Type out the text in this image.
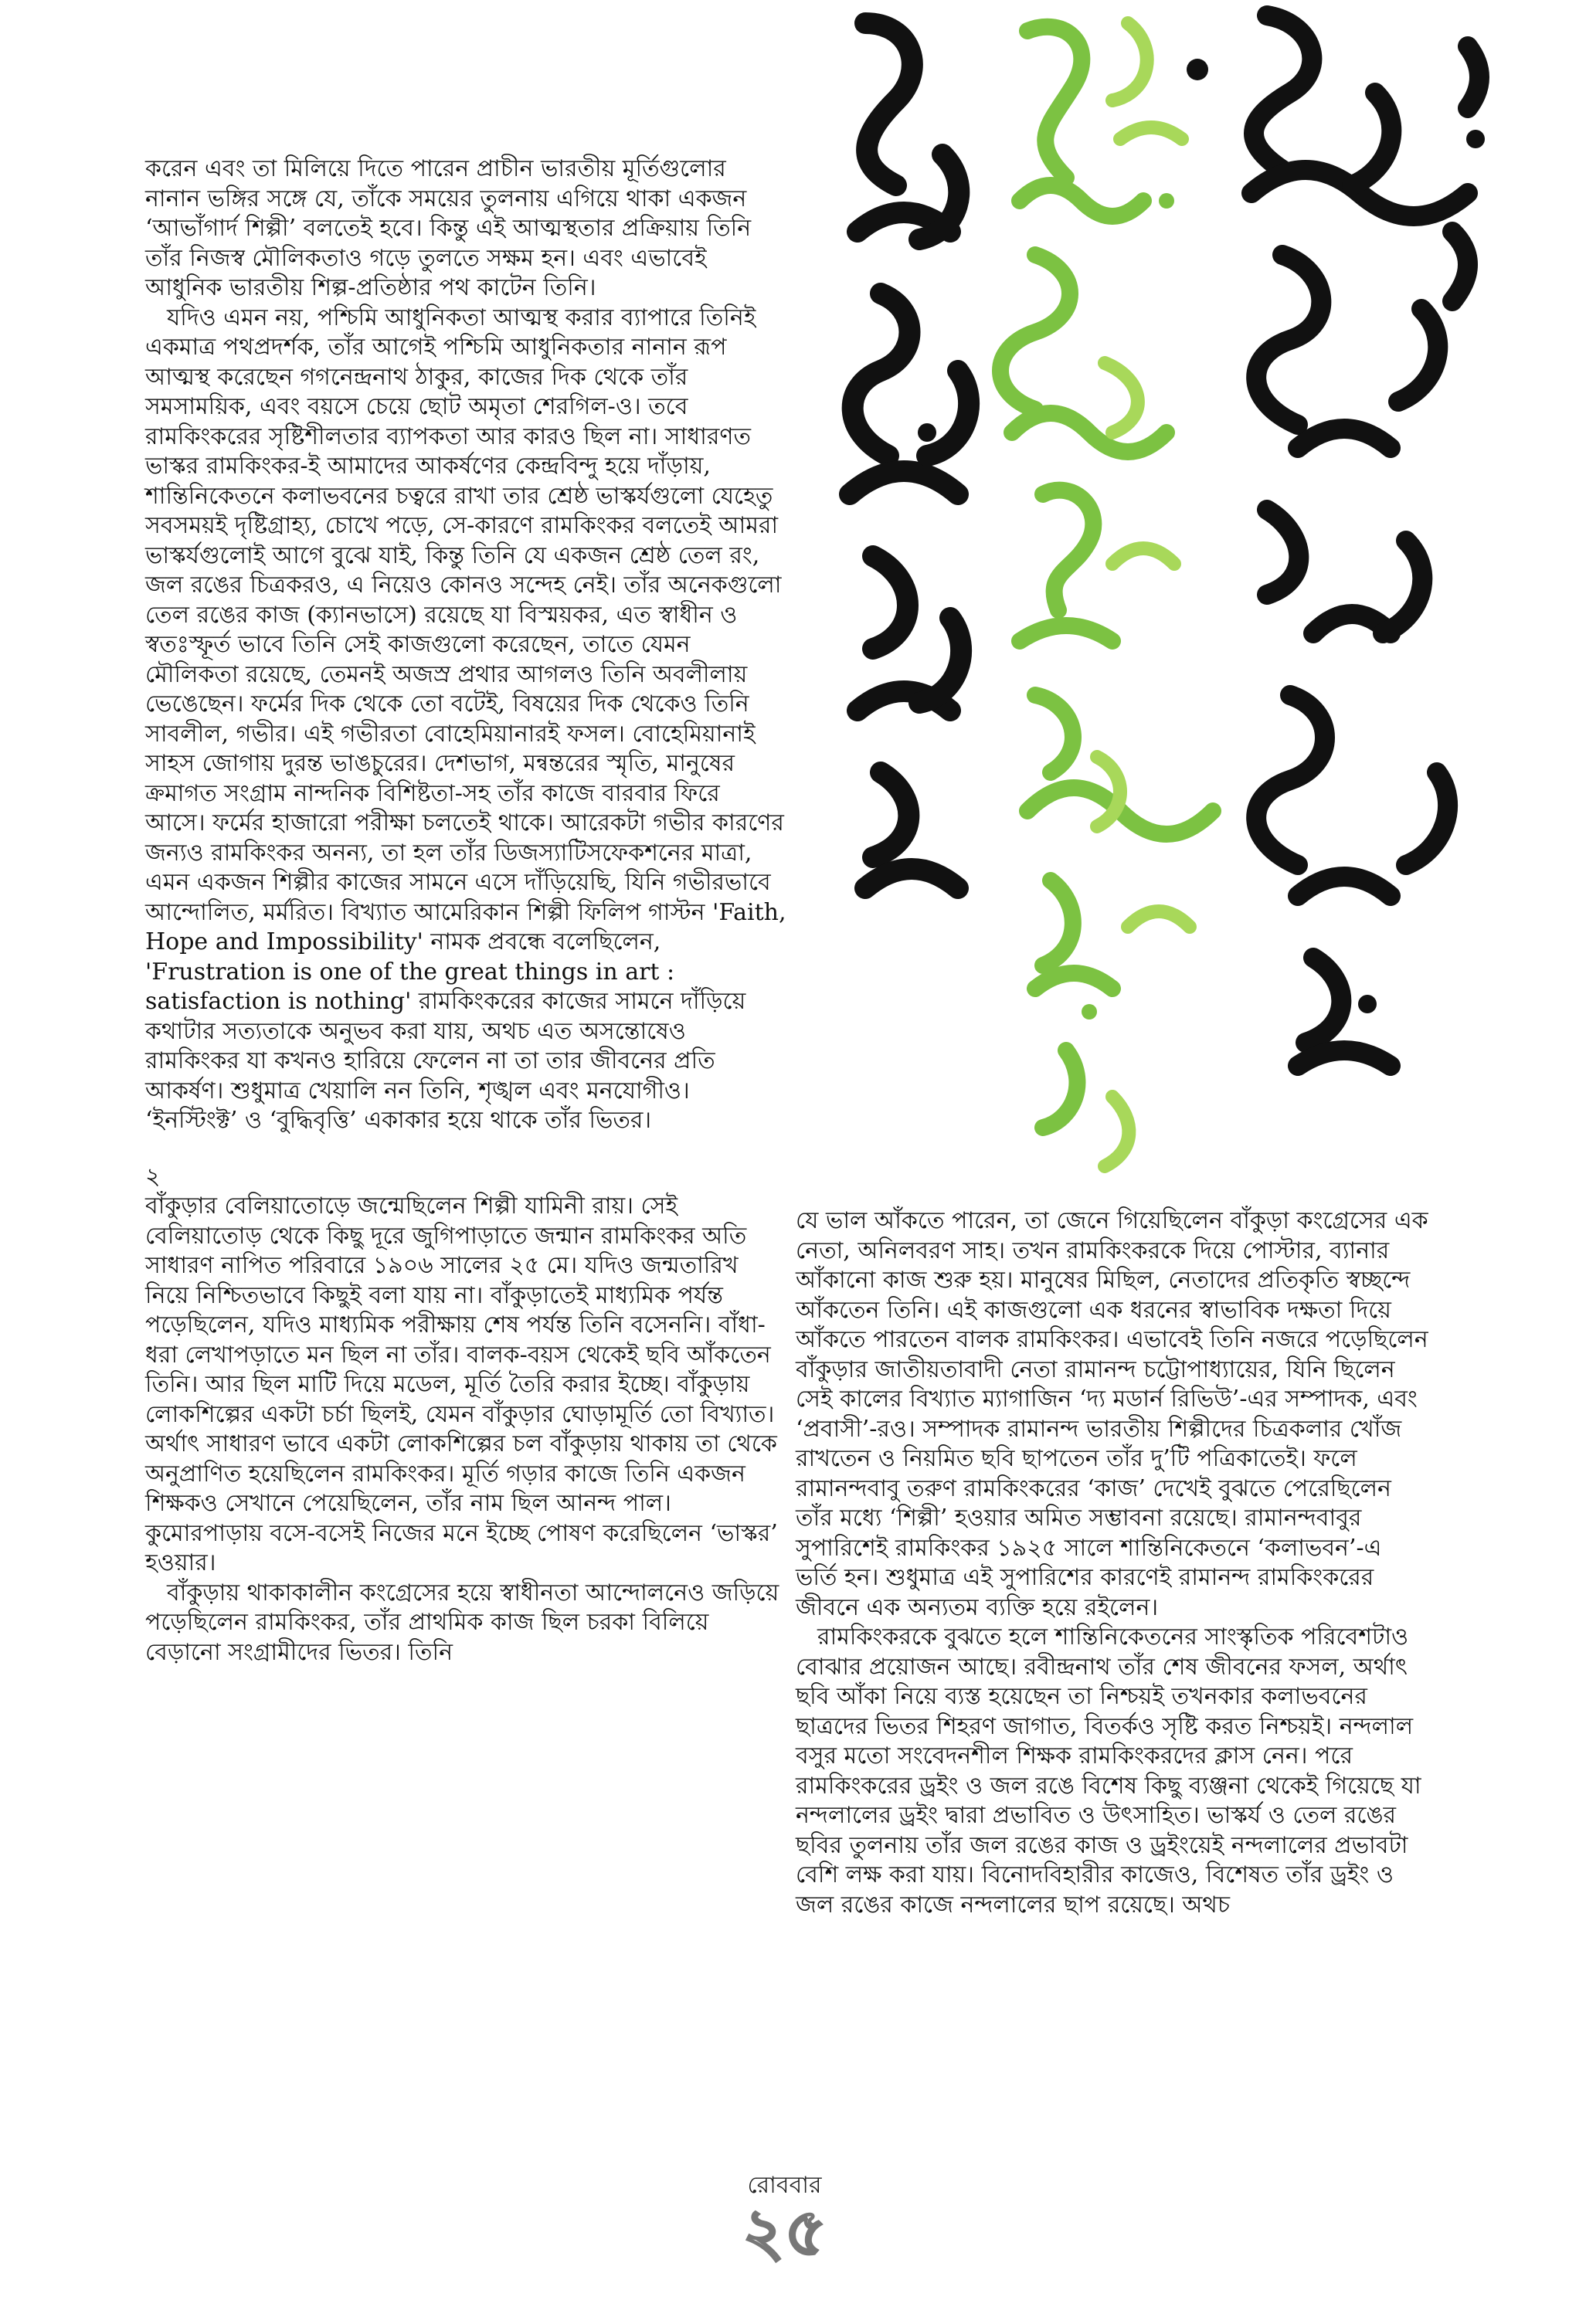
করেন এবং তা মিলিয়ে দিতে পারেন প্রাচীন ভারতীয় মূর্তিগুলোর নানান ভঙ্গির সঙ্গে যে, তাঁকে সময়ের তুলনায় এগিয়ে থাকা একজন ‘আভাঁগার্দ শিল্পী’ বলতেই হবে। কিন্তু এই আত্মস্থতার প্রক্রিয়ায় তিনি তাঁর নিজস্ব মৌলিকতাও গড়ে তুলতে সক্ষম হন। এবং এভাবেই আধুনিক ভারতীয় শিল্প-প্রতিষ্ঠার পথ কাটেন তিনি।

যদিও এমন নয়, পশ্চিমি আধুনিকতা আত্মস্থ করার ব্যাপারে তিনিই একমাত্র পথপ্রদর্শক, তাঁর আগেই পশ্চিমি আধুনিকতার নানান রূপ আত্মস্থ করেছেন গগনেন্দ্রনাথ ঠাকুর, কাজের দিক থেকে তাঁর সমসাময়িক, এবং বয়সে চেয়ে ছোট অমৃতা শেরগিল-ও। তবে রামকিংকরের সৃষ্টিশীলতার ব্যাপকতা আর কারও ছিল না। সাধারণত ভাস্কর রামকিংকর-ই আমাদের আকর্ষণের কেন্দ্রবিন্দু হয়ে দাঁড়ায়, শান্তিনিকেতনে কলাভবনের চত্বরে রাখা তার শ্রেষ্ঠ ভাস্কর্যগুলো যেহেতু সবসময়ই দৃষ্টিগ্রাহ্য, চোখে পড়ে, সে-কারণে রামকিংকর বলতেই আমরা ভাস্কর্যগুলোই আগে বুঝে যাই, কিন্তু তিনি যে একজন শ্রেষ্ঠ তেল রং, জল রঙের চিত্রকরও, এ নিয়েও কোনও সন্দেহ নেই। তাঁর অনেকগুলো তেল রঙের কাজ (ক্যানভাসে) রয়েছে যা বিস্ময়কর, এত স্বাধীন ও স্বতঃস্ফূর্ত ভাবে তিনি সেই কাজগুলো করেছেন, তাতে যেমন মৌলিকতা রয়েছে, তেমনই অজস্র প্রথার আগলও তিনি অবলীলায় ভেঙেছেন। ফর্মের দিক থেকে তো বটেই, বিষয়ের দিক থেকেও তিনি সাবলীল, গভীর। এই গভীরতা বোহেমিয়ানারই ফসল। বোহেমিয়ানাই সাহস জোগায় দুরন্ত ভাঙচুরের। দেশভাগ, মন্বন্তরের স্মৃতি, মানুষের ক্রমাগত সংগ্রাম নান্দনিক বিশিষ্টতা-সহ তাঁর কাজে বারবার ফিরে আসে। ফর্মের হাজারো পরীক্ষা চলতেই থাকে। আরেকটা গভীর কারণের জন্যও রামকিংকর অনন্য, তা হল তাঁর ডিজস্যাটিসফেকশনের মাত্রা, এমন একজন শিল্পীর কাজের সামনে এসে দাঁড়িয়েছি, যিনি গভীরভাবে আন্দোলিত, মর্মরিত। বিখ্যাত আমেরিকান শিল্পী ফিলিপ গাস্টন 'Faith, Hope and Impossibility' নামক প্রবন্ধে বলেছিলেন, 'Frustration is one of the great things in art : satisfaction is nothing' রামকিংকরের কাজের সামনে দাঁড়িয়ে কথাটার সত্যতাকে অনুভব করা যায়, অথচ এত অসন্তোষেও রামকিংকর যা কখনও হারিয়ে ফেলেন না তা তার জীবনের প্রতি আকর্ষণ। শুধুমাত্র খেয়ালি নন তিনি, শৃঙ্খল এবং মনযোগীও। ‘ইনস্টিংক্ট’ ও ‘বুদ্ধিবৃত্তি’ একাকার হয়ে থাকে তাঁর ভিতর।

২

বাঁকুড়ার বেলিয়াতোড়ে জন্মেছিলেন শিল্পী যামিনী রায়। সেই বেলিয়াতোড় থেকে কিছু দূরে জুগিপাড়াতে জন্মান রামকিংকর অতি সাধারণ নাপিত পরিবারে ১৯০৬ সালের ২৫ মে। যদিও জন্মতারিখ নিয়ে নিশ্চিতভাবে কিছুই বলা যায় না। বাঁকুড়াতেই মাধ্যমিক পর্যন্ত পড়েছিলেন, যদিও মাধ্যমিক পরীক্ষায় শেষ পর্যন্ত তিনি বসেননি। বাঁধা-ধরা লেখাপড়াতে মন ছিল না তাঁর। বালক-বয়স থেকেই ছবি আঁকতেন তিনি। আর ছিল মাটি দিয়ে মডেল, মূর্তি তৈরি করার ইচ্ছে। বাঁকুড়ায় লোকশিল্পের একটা চর্চা ছিলই, যেমন বাঁকুড়ার ঘোড়ামূর্তি তো বিখ্যাত। অর্থাৎ সাধারণ ভাবে একটা লোকশিল্পের চল বাঁকুড়ায় থাকায় তা থেকে অনুপ্রাণিত হয়েছিলেন রামকিংকর। মূর্তি গড়ার কাজে তিনি একজন শিক্ষকও সেখানে পেয়েছিলেন, তাঁর নাম ছিল আনন্দ পাল। কুমোরপাড়ায় বসে-বসেই নিজের মনে ইচ্ছে পোষণ করেছিলেন ‘ভাস্কর’ হওয়ার।

বাঁকুড়ায় থাকাকালীন কংগ্রেসের হয়ে স্বাধীনতা আন্দোলনেও জড়িয়ে পড়েছিলেন রামকিংকর, তাঁর প্রাথমিক কাজ ছিল চরকা বিলিয়ে বেড়ানো সংগ্রামীদের ভিতর। তিনি

যে ভাল আঁকতে পারেন, তা জেনে গিয়েছিলেন বাঁকুড়া কংগ্রেসের এক নেতা, অনিলবরণ সাহ। তখন রামকিংকরকে দিয়ে পোস্টার, ব্যানার আঁকানো কাজ শুরু হয়। মানুষের মিছিল, নেতাদের প্রতিকৃতি স্বচ্ছন্দে আঁকতেন তিনি। এই কাজগুলো এক ধরনের স্বাভাবিক দক্ষতা দিয়ে আঁকতে পারতেন বালক রামকিংকর। এভাবেই তিনি নজরে পড়েছিলেন বাঁকুড়ার জাতীয়তাবাদী নেতা রামানন্দ চট্টোপাধ্যায়ের, যিনি ছিলেন সেই কালের বিখ্যাত ম্যাগাজিন ‘দ্য মডার্ন রিভিউ’-এর সম্পাদক, এবং ‘প্রবাসী’-রও। সম্পাদক রামানন্দ ভারতীয় শিল্পীদের চিত্রকলার খোঁজ রাখতেন ও নিয়মিত ছবি ছাপতেন তাঁর দু’টি পত্রিকাতেই। ফলে রামানন্দবাবু তরুণ রামকিংকরের ‘কাজ’ দেখেই বুঝতে পেরেছিলেন তাঁর মধ্যে ‘শিল্পী’ হওয়ার অমিত সম্ভাবনা রয়েছে। রামানন্দবাবুর সুপারিশেই রামকিংকর ১৯২৫ সালে শান্তিনিকেতনে ‘কলাভবন’-এ ভর্তি হন। শুধুমাত্র এই সুপারিশের কারণেই রামানন্দ রামকিংকরের জীবনে এক অন্যতম ব্যক্তি হয়ে রইলেন।

রামকিংকরকে বুঝতে হলে শান্তিনিকেতনের সাংস্কৃতিক পরিবেশটাও বোঝার প্রয়োজন আছে। রবীন্দ্রনাথ তাঁর শেষ জীবনের ফসল, অর্থাৎ ছবি আঁকা নিয়ে ব্যস্ত হয়েছেন তা নিশ্চয়ই তখনকার কলাভবনের ছাত্রদের ভিতর শিহরণ জাগাত, বিতর্কও সৃষ্টি করত নিশ্চয়ই। নন্দলাল বসুর মতো সংবেদনশীল শিক্ষক রামকিংকরদের ক্লাস নেন। পরে রামকিংকরের ড্রইং ও জল রঙে বিশেষ কিছু ব্যঞ্জনা থেকেই গিয়েছে যা নন্দলালের ড্রইং দ্বারা প্রভাবিত ও উৎসাহিত। ভাস্কর্য ও তেল রঙের ছবির তুলনায় তাঁর জল রঙের কাজ ও ড্রইংয়েই নন্দলালের প্রভাবটা বেশি লক্ষ করা যায়। বিনোদবিহারীর কাজেও, বিশেষত তাঁর ড্রইং ও জল রঙের কাজে নন্দলালের ছাপ রয়েছে। অথচ

রোববার
২৫
